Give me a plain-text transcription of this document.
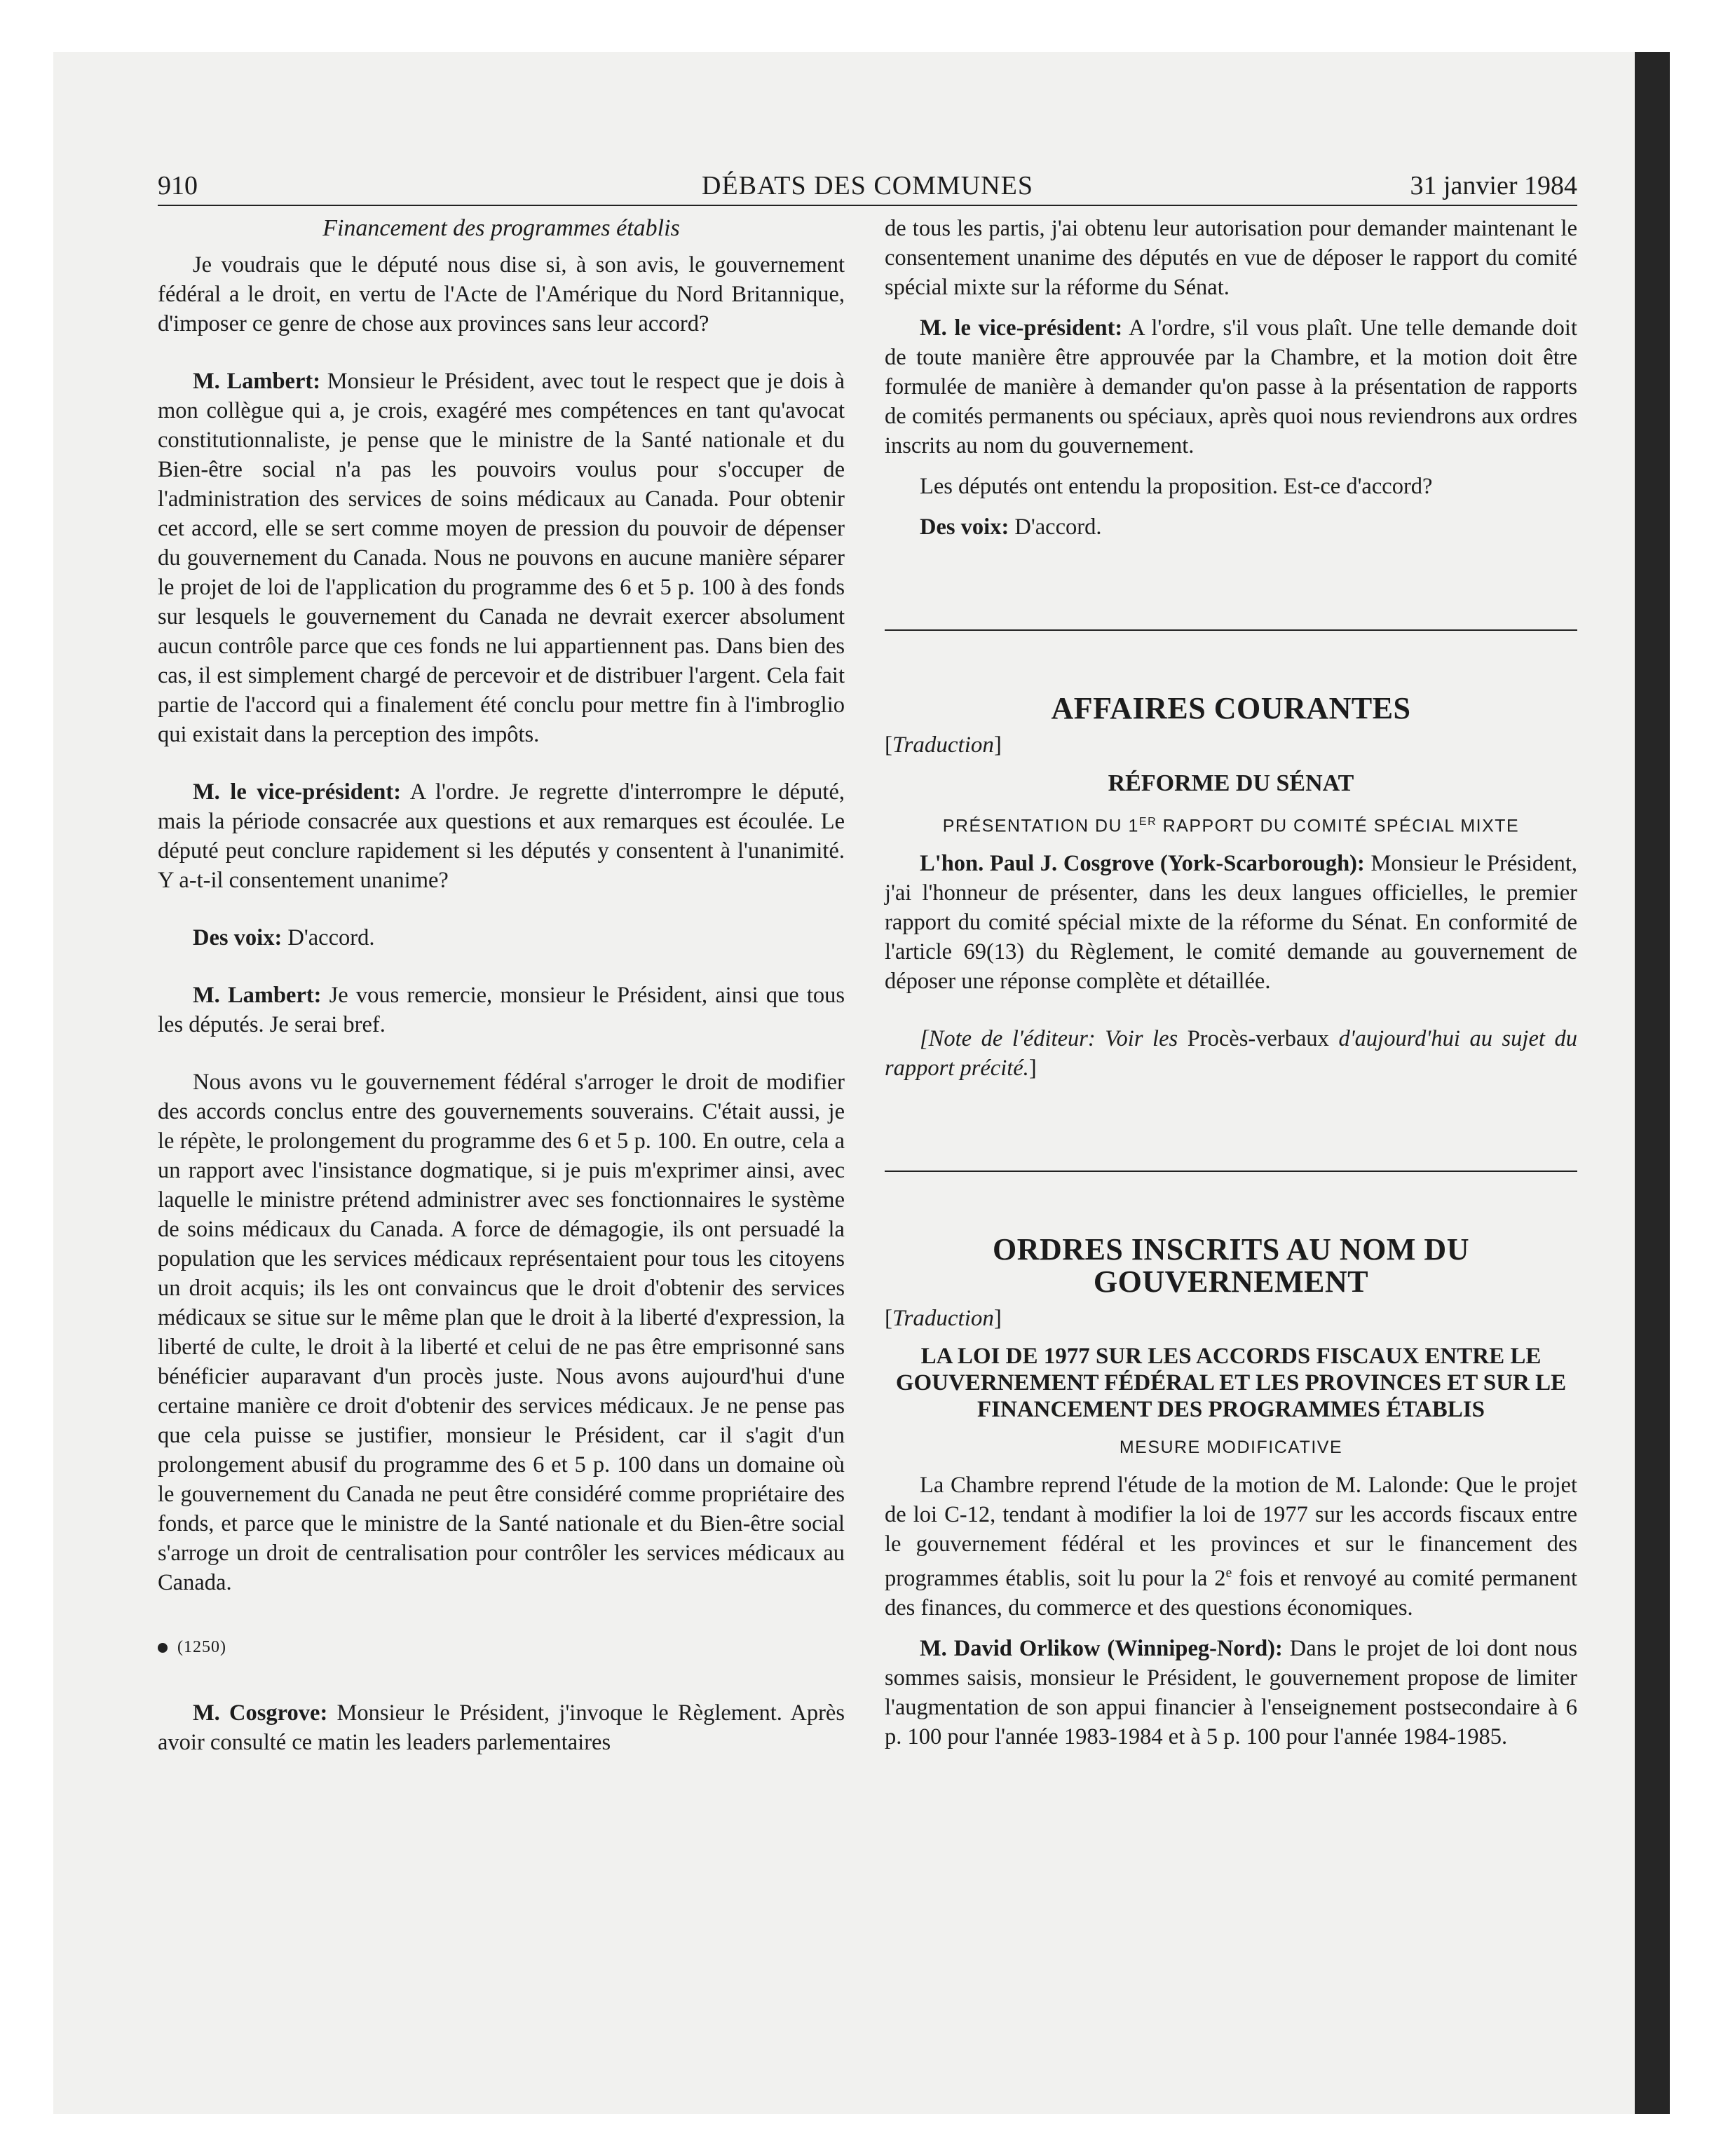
910	DÉBATS DES COMMUNES	31 janvier 1984
Financement des programmes établis

Je voudrais que le député nous dise si, à son avis, le gouvernement fédéral a le droit, en vertu de l'Acte de l'Amérique du Nord Britannique, d'imposer ce genre de chose aux provinces sans leur accord?

M. Lambert: Monsieur le Président, avec tout le respect que je dois à mon collègue qui a, je crois, exagéré mes compétences en tant qu'avocat constitutionnaliste, je pense que le ministre de la Santé nationale et du Bien-être social n'a pas les pouvoirs voulus pour s'occuper de l'administration des services de soins médicaux au Canada. Pour obtenir cet accord, elle se sert comme moyen de pression du pouvoir de dépenser du gouvernement du Canada. Nous ne pouvons en aucune manière séparer le projet de loi de l'application du programme des 6 et 5 p. 100 à des fonds sur lesquels le gouvernement du Canada ne devrait exercer absolument aucun contrôle parce que ces fonds ne lui appartiennent pas. Dans bien des cas, il est simplement chargé de percevoir et de distribuer l'argent. Cela fait partie de l'accord qui a finalement été conclu pour mettre fin à l'imbroglio qui existait dans la perception des impôts.

M. le vice-président: A l'ordre. Je regrette d'interrompre le député, mais la période consacrée aux questions et aux remarques est écoulée. Le député peut conclure rapidement si les députés y consentent à l'unanimité. Y a-t-il consentement unanime?

Des voix: D'accord.

M. Lambert: Je vous remercie, monsieur le Président, ainsi que tous les députés. Je serai bref.

Nous avons vu le gouvernement fédéral s'arroger le droit de modifier des accords conclus entre des gouvernements souverains. C'était aussi, je le répète, le prolongement du programme des 6 et 5 p. 100. En outre, cela a un rapport avec l'insistance dogmatique, si je puis m'exprimer ainsi, avec laquelle le ministre prétend administrer avec ses fonctionnaires le système de soins médicaux du Canada. A force de démagogie, ils ont persuadé la population que les services médicaux représentaient pour tous les citoyens un droit acquis; ils les ont convaincus que le droit d'obtenir des services médicaux se situe sur le même plan que le droit à la liberté d'expression, la liberté de culte, le droit à la liberté et celui de ne pas être emprisonné sans bénéficier auparavant d'un procès juste. Nous avons aujourd'hui d'une certaine manière ce droit d'obtenir des services médicaux. Je ne pense pas que cela puisse se justifier, monsieur le Président, car il s'agit d'un prolongement abusif du programme des 6 et 5 p. 100 dans un domaine où le gouvernement du Canada ne peut être considéré comme propriétaire des fonds, et parce que le ministre de la Santé nationale et du Bien-être social s'arroge un droit de centralisation pour contrôler les services médicaux au Canada.

(1250)

M. Cosgrove: Monsieur le Président, j'invoque le Règlement. Après avoir consulté ce matin les leaders parlementaires

de tous les partis, j'ai obtenu leur autorisation pour demander maintenant le consentement unanime des députés en vue de déposer le rapport du comité spécial mixte sur la réforme du Sénat.

M. le vice-président: A l'ordre, s'il vous plaît. Une telle demande doit de toute manière être approuvée par la Chambre, et la motion doit être formulée de manière à demander qu'on passe à la présentation de rapports de comités permanents ou spéciaux, après quoi nous reviendrons aux ordres inscrits au nom du gouvernement.

Les députés ont entendu la proposition. Est-ce d'accord?

Des voix: D'accord.

AFFAIRES COURANTES

[Traduction]

RÉFORME DU SÉNAT
PRÉSENTATION DU 1ER RAPPORT DU COMITÉ SPÉCIAL MIXTE

L'hon. Paul J. Cosgrove (York-Scarborough): Monsieur le Président, j'ai l'honneur de présenter, dans les deux langues officielles, le premier rapport du comité spécial mixte de la réforme du Sénat. En conformité de l'article 69(13) du Règlement, le comité demande au gouvernement de déposer une réponse complète et détaillée.

[Note de l'éditeur: Voir les Procès-verbaux d'aujourd'hui au sujet du rapport précité.]

ORDRES INSCRITS AU NOM DU GOUVERNEMENT

[Traduction]

LA LOI DE 1977 SUR LES ACCORDS FISCAUX ENTRE LE GOUVERNEMENT FÉDÉRAL ET LES PROVINCES ET SUR LE FINANCEMENT DES PROGRAMMES ÉTABLIS
MESURE MODIFICATIVE

La Chambre reprend l'étude de la motion de M. Lalonde: Que le projet de loi C-12, tendant à modifier la loi de 1977 sur les accords fiscaux entre le gouvernement fédéral et les provinces et sur le financement des programmes établis, soit lu pour la 2e fois et renvoyé au comité permanent des finances, du commerce et des questions économiques.

M. David Orlikow (Winnipeg-Nord): Dans le projet de loi dont nous sommes saisis, monsieur le Président, le gouvernement propose de limiter l'augmentation de son appui financier à l'enseignement postsecondaire à 6 p. 100 pour l'année 1983-1984 et à 5 p. 100 pour l'année 1984-1985.
